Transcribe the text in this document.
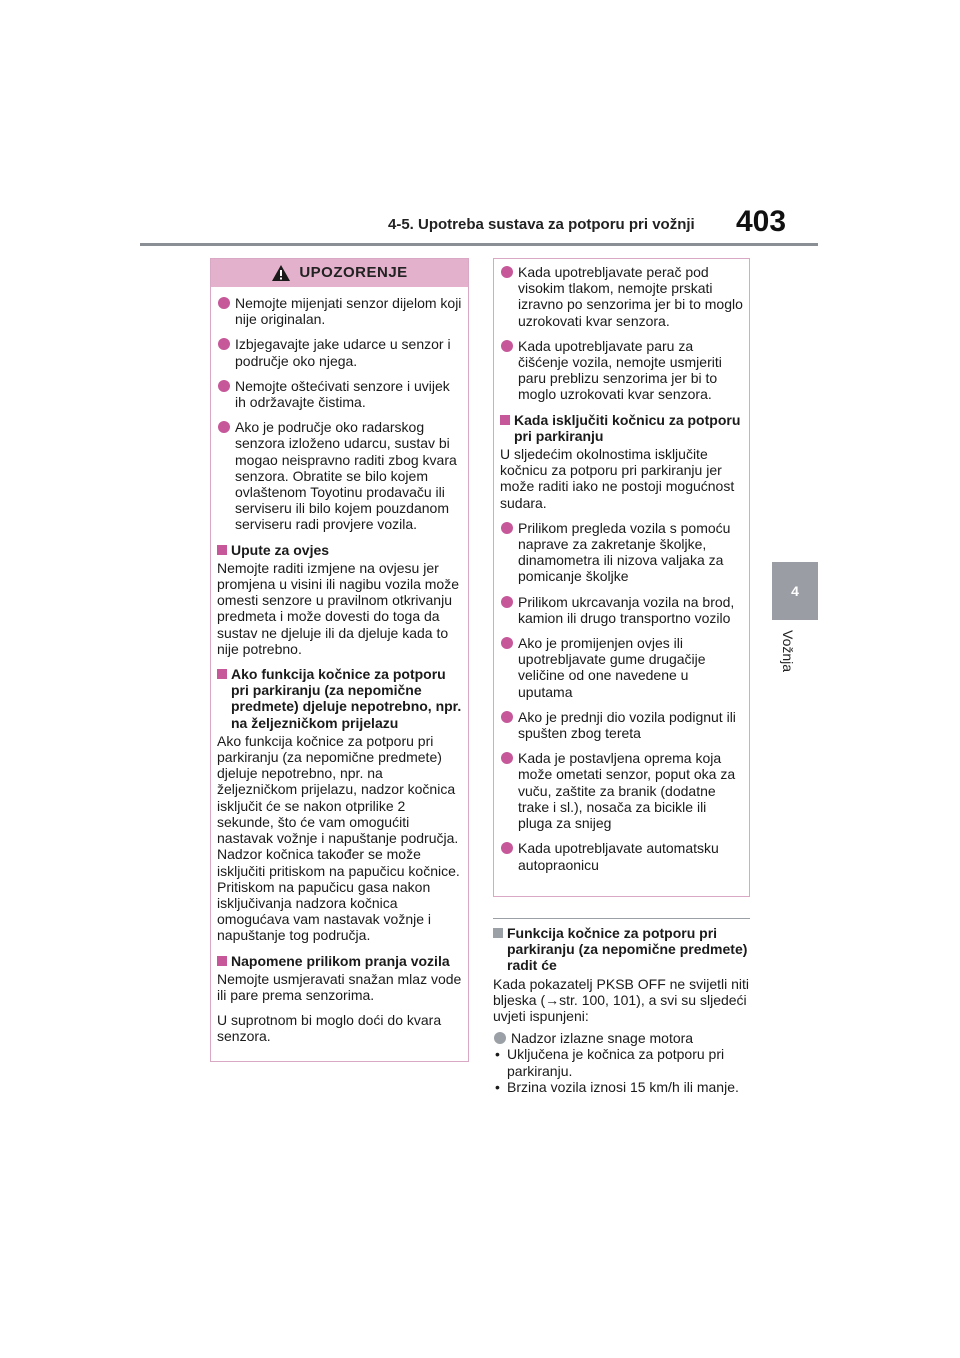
4-5. Upotreba sustava za potporu pri vožnji 403
4
Vožnja
UPOZORENJE

Nemojte mijenjati senzor dijelom koji nije originalan.

Izbjegavajte jake udarce u senzor i područje oko njega.

Nemojte oštećivati senzore i uvijek ih održavajte čistima.

Ako je područje oko radarskog senzora izloženo udarcu, sustav bi mogao neispravno raditi zbog kvara senzora. Obratite se bilo kojem ovlaštenom Toyotinu prodavaču ili serviseru ili bilo kojem pouzdanom serviseru radi provjere vozila.

Upute za ovjes

Nemojte raditi izmjene na ovjesu jer promjena u visini ili nagibu vozila može omesti senzore u pravilnom otkrivanju predmeta i može dovesti do toga da sustav ne djeluje ili da djeluje kada to nije potrebno.

Ako funkcija kočnice za potporu pri parkiranju (za nepomične predmete) djeluje nepotrebno, npr. na željezničkom prijelazu

Ako funkcija kočnice za potporu pri parkiranju (za nepomične predmete) djeluje nepotrebno, npr. na željezničkom prijelazu, nadzor kočnica isključit će se nakon otprilike 2 sekunde, što će vam omogućiti nastavak vožnje i napuštanje područja. Nadzor kočnica također se može isključiti pritiskom na papučicu kočnice. Pritiskom na papučicu gasa nakon isključivanja nadzora kočnica omogućava vam nastavak vožnje i napuštanje tog područja.

Napomene prilikom pranja vozila

Nemojte usmjeravati snažan mlaz vode ili pare prema senzorima.

U suprotnom bi moglo doći do kvara senzora.

Kada upotrebljavate perač pod visokim tlakom, nemojte prskati izravno po senzorima jer bi to moglo uzrokovati kvar senzora.

Kada upotrebljavate paru za čišćenje vozila, nemojte usmjeriti paru preblizu senzorima jer bi to moglo uzrokovati kvar senzora.

Kada isključiti kočnicu za potporu pri parkiranju

U sljedećim okolnostima isključite kočnicu za potporu pri parkiranju jer može raditi iako ne postoji mogućnost sudara.

Prilikom pregleda vozila s pomoću naprave za zakretanje školjke, dinamometra ili nizova valjaka za pomicanje školjke

Prilikom ukrcavanja vozila na brod, kamion ili drugo transportno vozilo

Ako je promijenjen ovjes ili upotrebljavate gume drugačije veličine od one navedene u uputama

Ako je prednji dio vozila podignut ili spušten zbog tereta

Kada je postavljena oprema koja može ometati senzor, poput oka za vuču, zaštite za branik (dodatne trake i sl.), nosača za bicikle ili pluga za snijeg

Kada upotrebljavate automatsku autopraonicu

Funkcija kočnice za potporu pri parkiranju (za nepomične predmete) radit će

Kada pokazatelj PKSB OFF ne svijetli niti bljeska (→str. 100, 101), a svi su sljedeći uvjeti ispunjeni:

Nadzor izlazne snage motora

• Uključena je kočnica za potporu pri parkiranju.

• Brzina vozila iznosi 15 km/h ili manje.
